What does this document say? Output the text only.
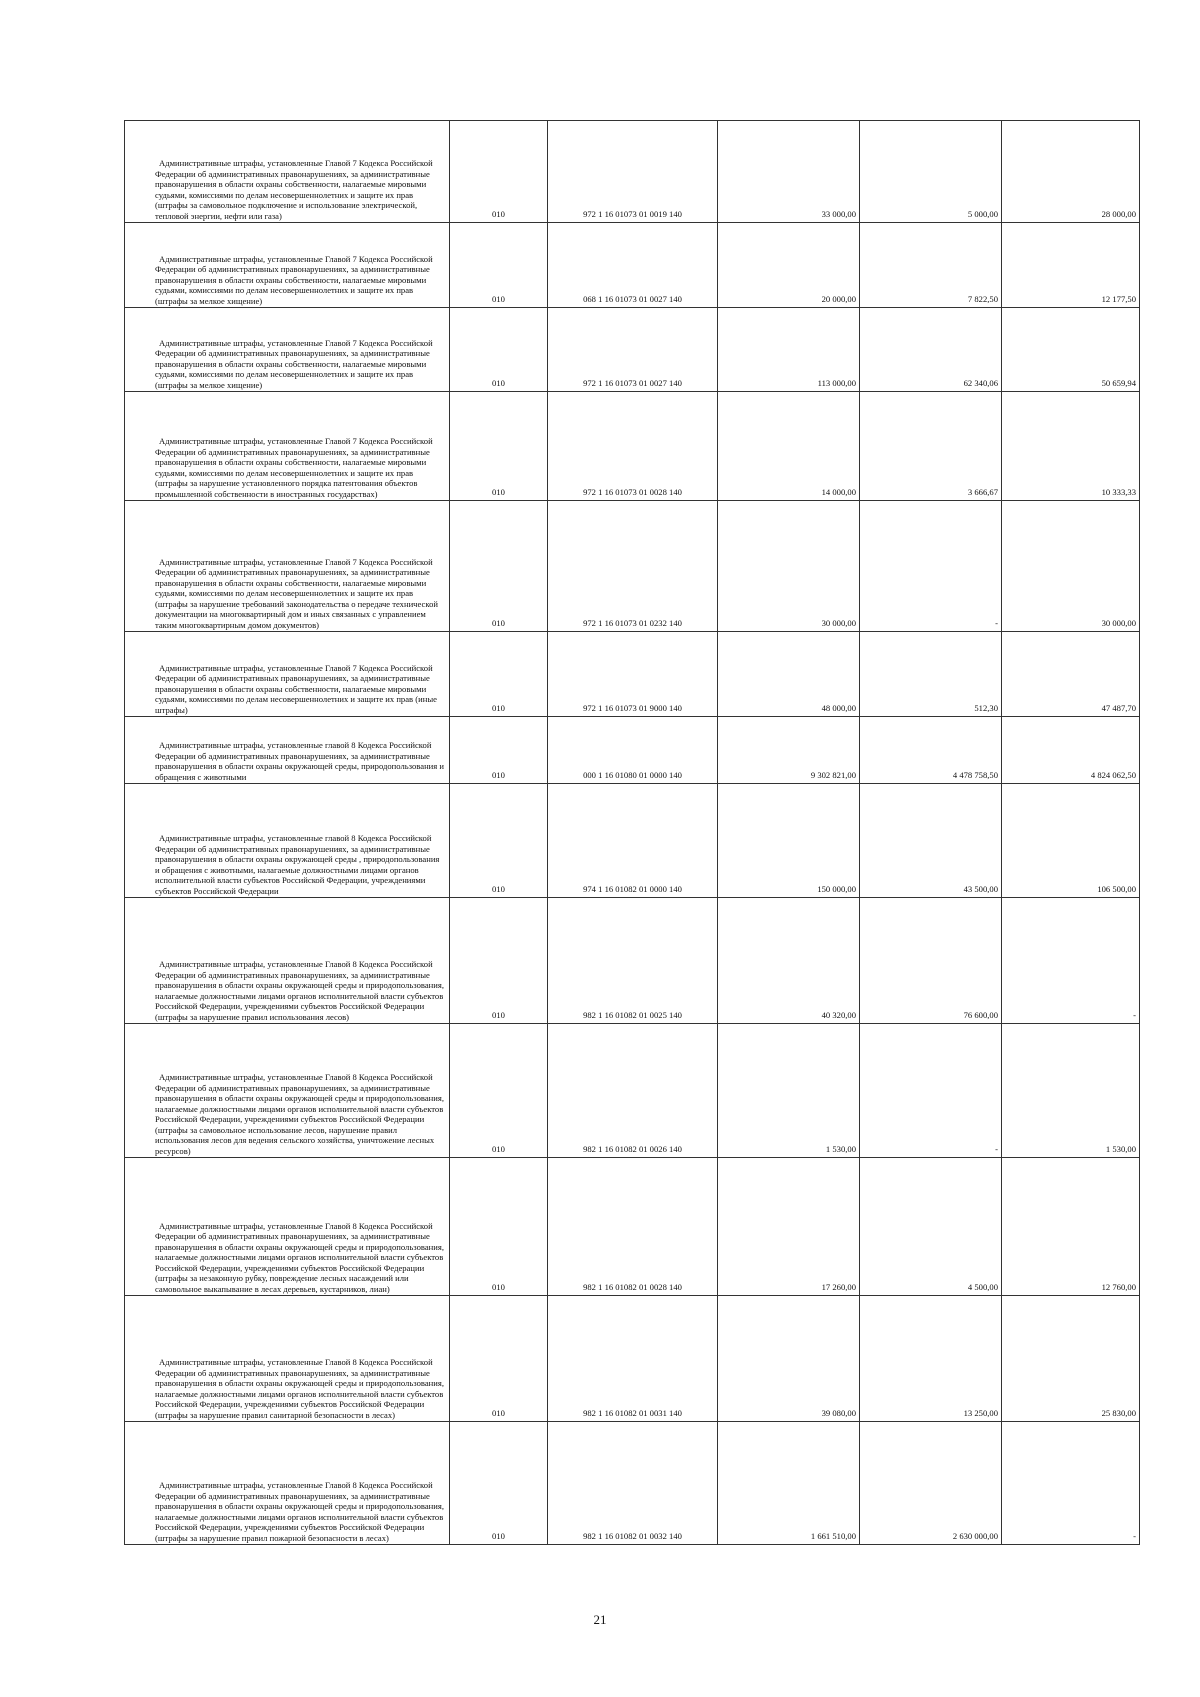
Административные штрафы, установленные Главой 7 Кодекса Российской Федерации об административных правонарушениях, за административные правонарушения в области охраны собственности, налагаемые мировыми судьями, комиссиями по делам несовершеннолетних и защите их прав (штрафы за самовольное подключение и использование электрической, тепловой энергии, нефти или газа)	010	972 1 16 01073 01 0019 140	33 000,00	5 000,00	28 000,00

Административные штрафы, установленные Главой 7 Кодекса Российской Федерации об административных правонарушениях, за административные правонарушения в области охраны собственности, налагаемые мировыми судьями, комиссиями по делам несовершеннолетних и защите их прав (штрафы за мелкое хищение)	010	068 1 16 01073 01 0027 140	20 000,00	7 822,50	12 177,50

Административные штрафы, установленные Главой 7 Кодекса Российской Федерации об административных правонарушениях, за административные правонарушения в области охраны собственности, налагаемые мировыми судьями, комиссиями по делам несовершеннолетних и защите их прав (штрафы за мелкое хищение)	010	972 1 16 01073 01 0027 140	113 000,00	62 340,06	50 659,94

Административные штрафы, установленные Главой 7 Кодекса Российской Федерации об административных правонарушениях, за административные правонарушения в области охраны собственности, налагаемые мировыми судьями, комиссиями по делам несовершеннолетних и защите их прав (штрафы за нарушение установленного порядка патентования объектов промышленной собственности в иностранных государствах)	010	972 1 16 01073 01 0028 140	14 000,00	3 666,67	10 333,33

Административные штрафы, установленные Главой 7 Кодекса Российской Федерации об административных правонарушениях, за административные правонарушения в области охраны собственности, налагаемые мировыми судьями, комиссиями по делам несовершеннолетних и защите их прав (штрафы за нарушение требований законодательства о передаче технической документации на многоквартирный дом и иных связанных с управлением таким многоквартирным домом документов)	010	972 1 16 01073 01 0232 140	30 000,00	-	30 000,00

Административные штрафы, установленные Главой 7 Кодекса Российской Федерации об административных правонарушениях, за административные правонарушения в области охраны собственности, налагаемые мировыми судьями, комиссиями по делам несовершеннолетних и защите их прав (иные штрафы)	010	972 1 16 01073 01 9000 140	48 000,00	512,30	47 487,70

Административные штрафы, установленные главой 8 Кодекса Российской Федерации об административных правонарушениях, за административные правонарушения в области охраны окружающей среды, природопользования и обращения с животными	010	000 1 16 01080 01 0000 140	9 302 821,00	4 478 758,50	4 824 062,50

Административные штрафы, установленные главой 8 Кодекса Российской Федерации об административных правонарушениях, за административные правонарушения в области охраны окружающей среды , природопользования и обращения с животными, налагаемые должностными лицами органов исполнительной власти субъектов Российской Федерации, учреждениями субъектов Российской Федерации	010	974 1 16 01082 01 0000 140	150 000,00	43 500,00	106 500,00

Административные штрафы, установленные Главой 8 Кодекса Российской Федерации об административных правонарушениях, за административные правонарушения в области охраны окружающей среды и природопользования, налагаемые должностными лицами органов исполнительной власти субъектов Российской Федерации, учреждениями субъектов Российской Федерации (штрафы за нарушение правил использования лесов)	010	982 1 16 01082 01 0025 140	40 320,00	76 600,00	-

Административные штрафы, установленные Главой 8 Кодекса Российской Федерации об административных правонарушениях, за административные правонарушения в области охраны окружающей среды и природопользования, налагаемые должностными лицами органов исполнительной власти субъектов Российской Федерации, учреждениями субъектов Российской Федерации (штрафы за самовольное использование лесов, нарушение правил использования лесов для ведения сельского хозяйства, уничтожение лесных ресурсов)	010	982 1 16 01082 01 0026 140	1 530,00	-	1 530,00

Административные штрафы, установленные Главой 8 Кодекса Российской Федерации об административных правонарушениях, за административные правонарушения в области охраны окружающей среды и природопользования, налагаемые должностными лицами органов исполнительной власти субъектов Российской Федерации, учреждениями субъектов Российской Федерации (штрафы за незаконную рубку, повреждение лесных насаждений или самовольное выкапывание в лесах деревьев, кустарников, лиан)	010	982 1 16 01082 01 0028 140	17 260,00	4 500,00	12 760,00

Административные штрафы, установленные Главой 8 Кодекса Российской Федерации об административных правонарушениях, за административные правонарушения в области охраны окружающей среды и природопользования, налагаемые должностными лицами органов исполнительной власти субъектов Российской Федерации, учреждениями субъектов Российской Федерации (штрафы за нарушение правил санитарной безопасности в лесах)	010	982 1 16 01082 01 0031 140	39 080,00	13 250,00	25 830,00

Административные штрафы, установленные Главой 8 Кодекса Российской Федерации об административных правонарушениях, за административные правонарушения в области охраны окружающей среды и природопользования, налагаемые должностными лицами органов исполнительной власти субъектов Российской Федерации, учреждениями субъектов Российской Федерации (штрафы за нарушение правил пожарной безопасности в лесах)	010	982 1 16 01082 01 0032 140	1 661 510,00	2 630 000,00	-
21
